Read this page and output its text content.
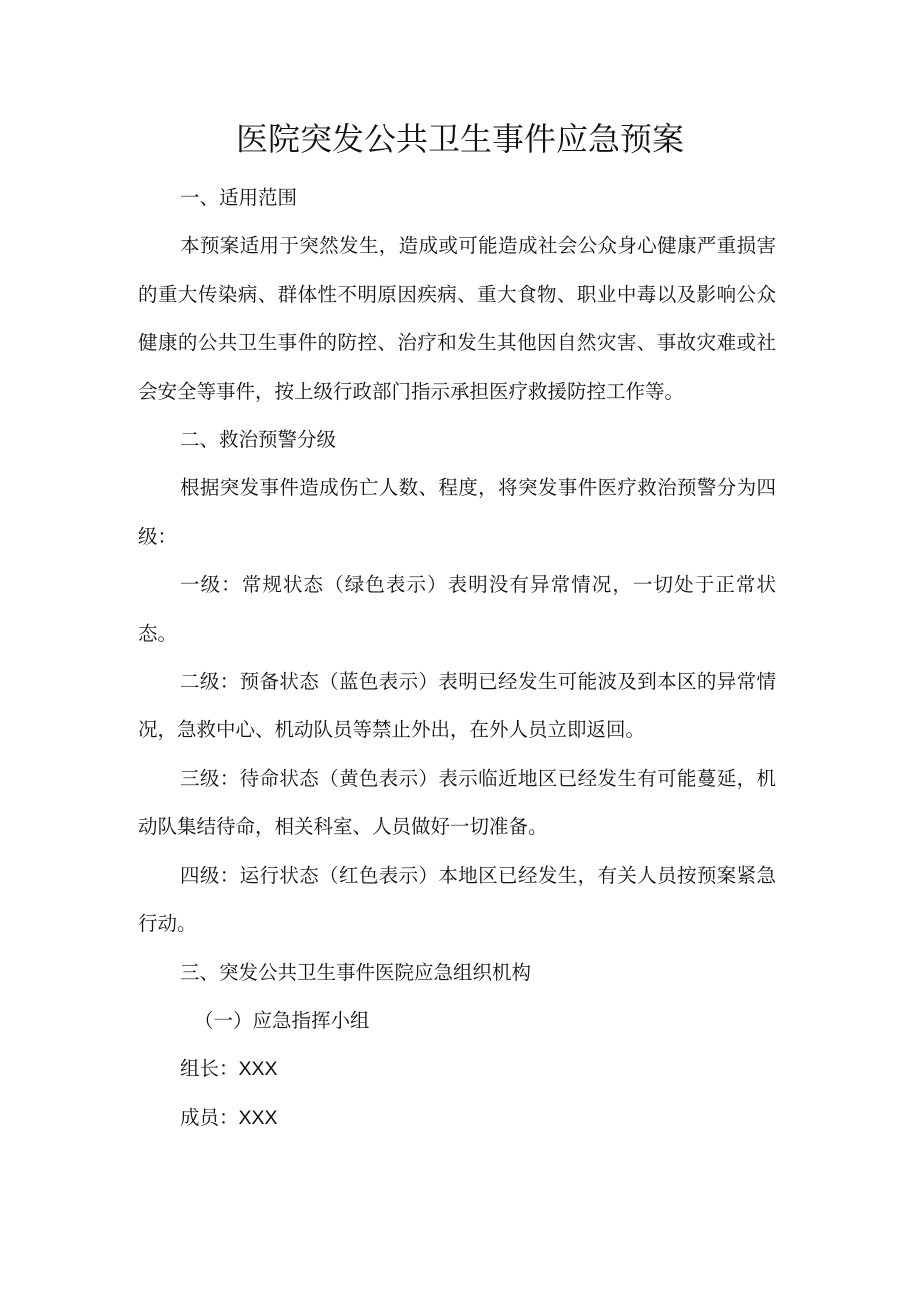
医院突发公共卫生事件应急预案

一、适用范围

本预案适用于突然发生，造成或可能造成社会公众身心健康严重损害的重大传染病、群体性不明原因疾病、重大食物、职业中毒以及影响公众健康的公共卫生事件的防控、治疗和发生其他因自然灾害、事故灾难或社会安全等事件，按上级行政部门指示承担医疗救援防控工作等。

二、救治预警分级

根据突发事件造成伤亡人数、程度，将突发事件医疗救治预警分为四级：

一级：常规状态（绿色表示）表明没有异常情况，一切处于正常状态。

二级：预备状态（蓝色表示）表明已经发生可能波及到本区的异常情况，急救中心、机动队员等禁止外出，在外人员立即返回。

三级：待命状态（黄色表示）表示临近地区已经发生有可能蔓延，机动队集结待命，相关科室、人员做好一切准备。

四级：运行状态（红色表示）本地区已经发生，有关人员按预案紧急行动。

三、突发公共卫生事件医院应急组织机构

（一）应急指挥小组

组长：XXX

成员：XXX
